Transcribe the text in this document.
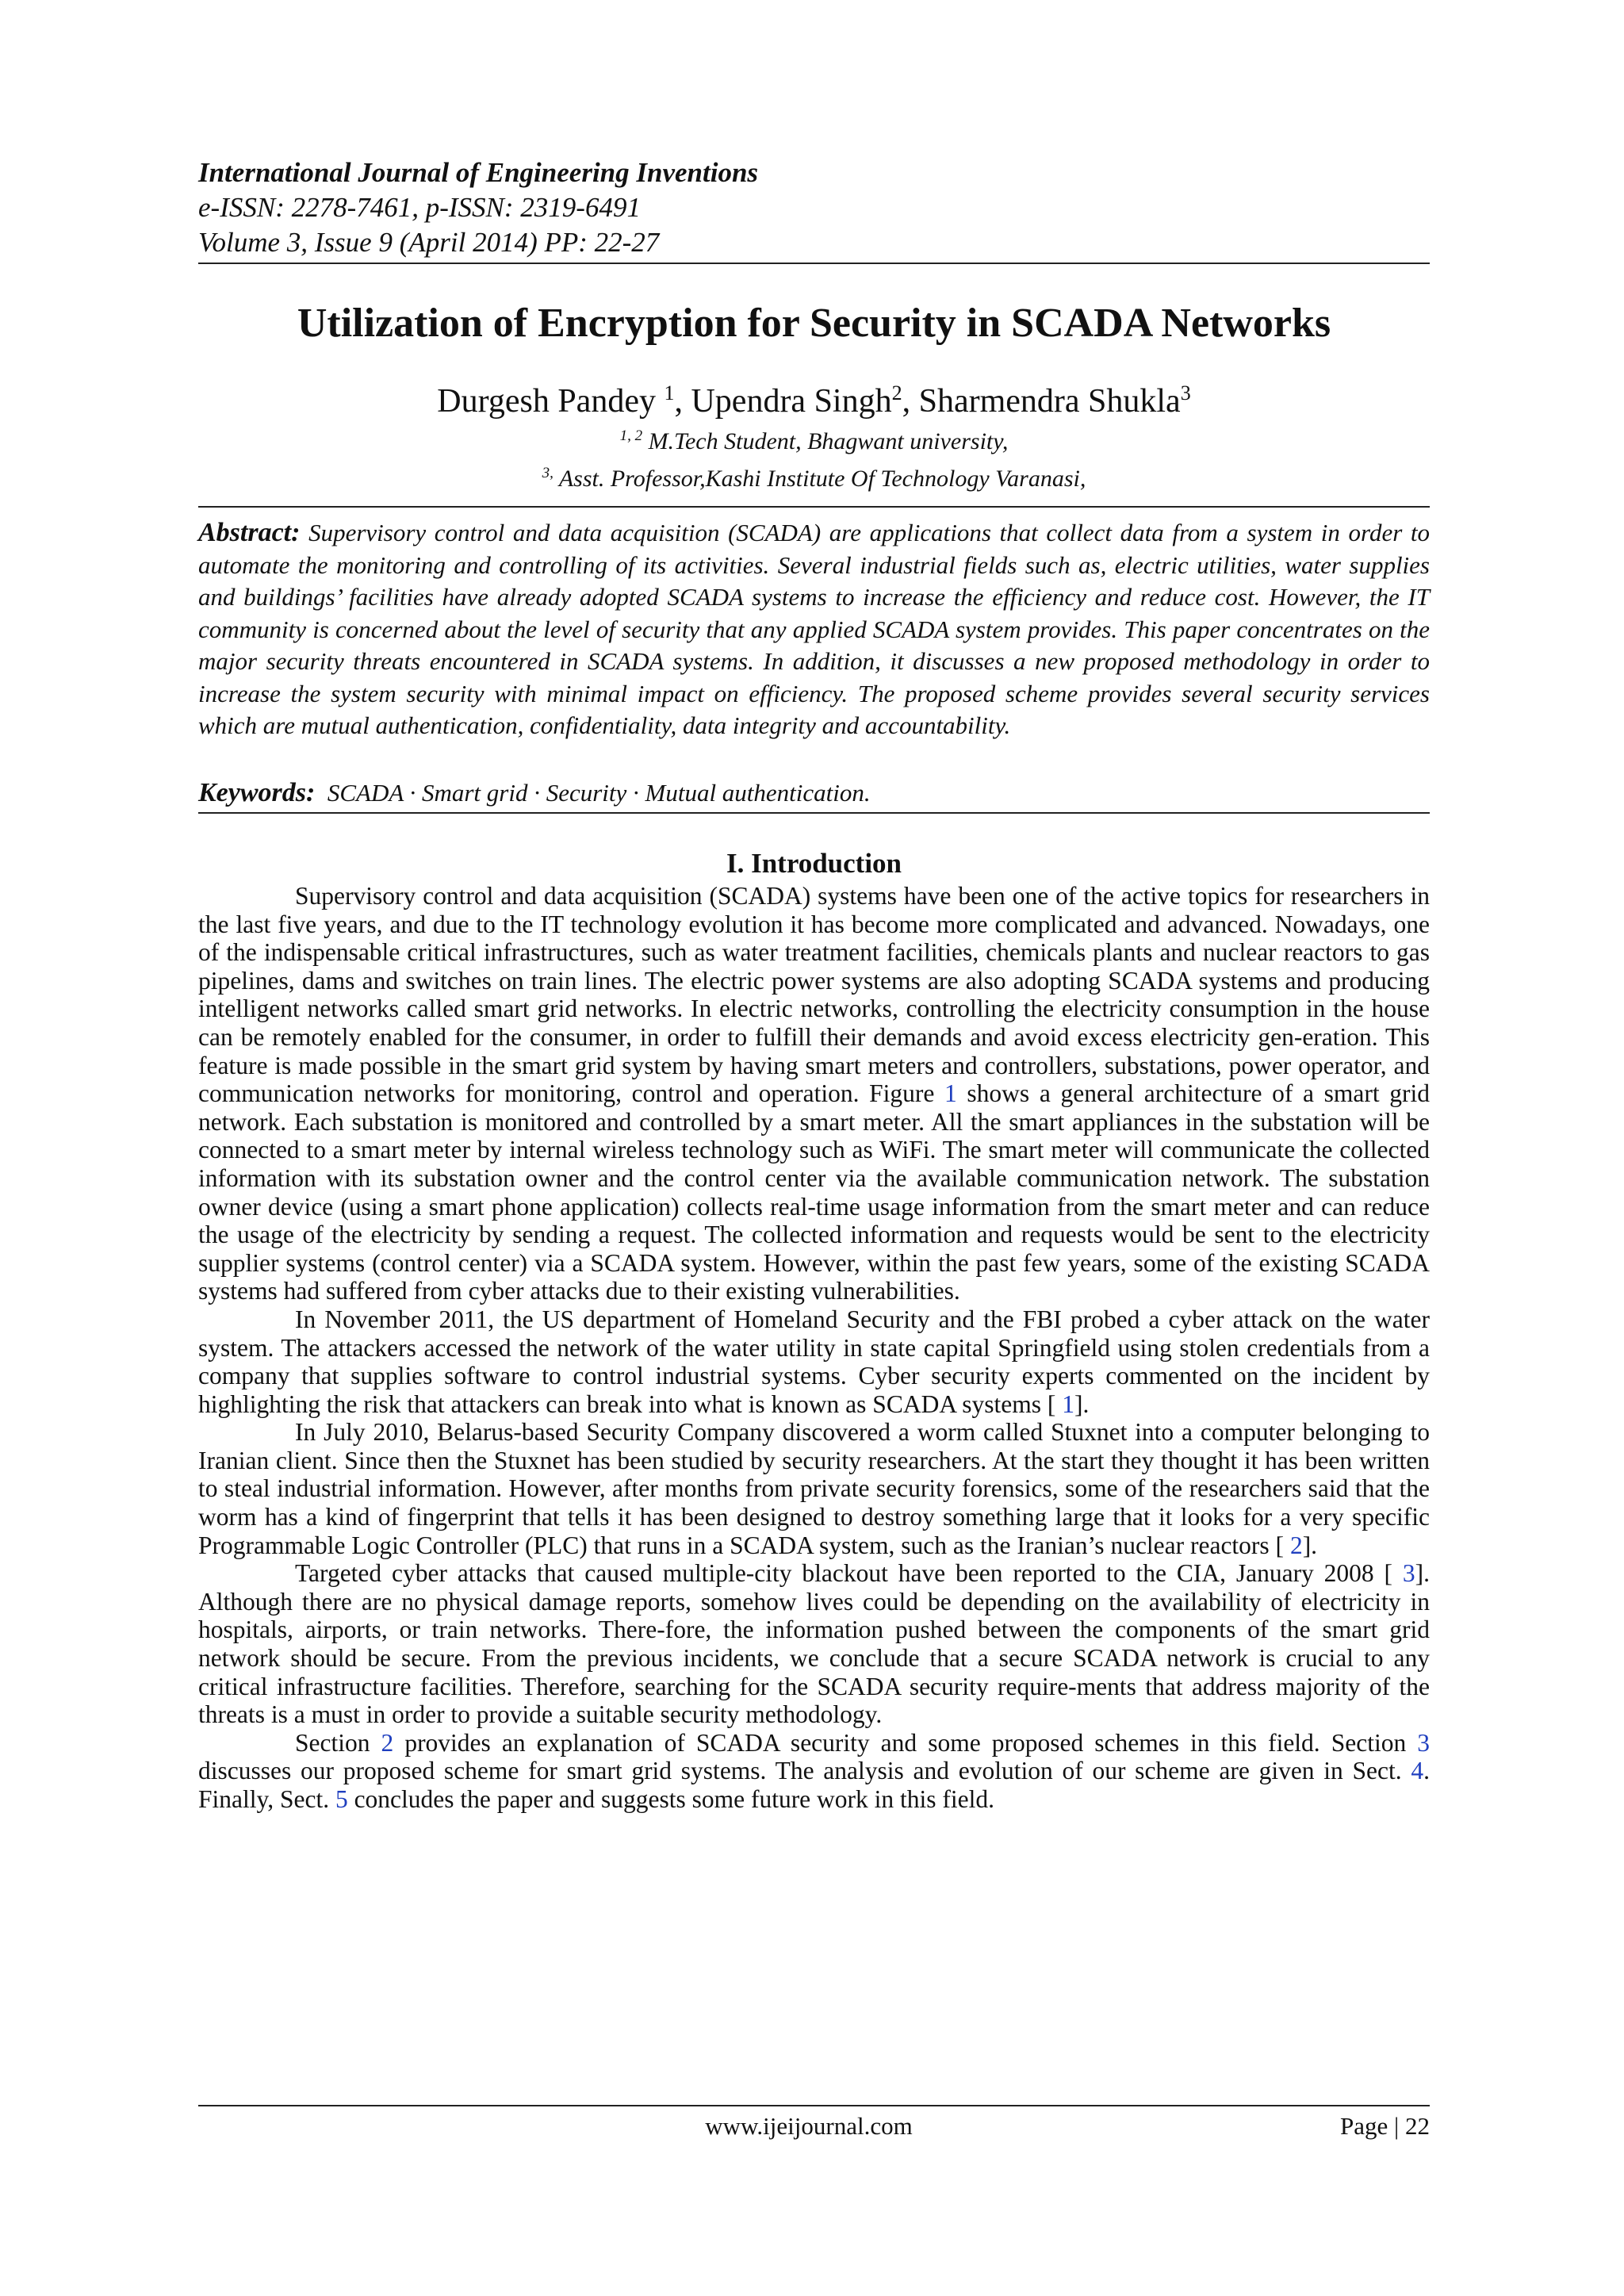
International Journal of Engineering Inventions
e-ISSN: 2278-7461, p-ISSN: 2319-6491
Volume 3, Issue 9 (April 2014) PP: 22-27
Utilization of Encryption for Security in SCADA Networks
Durgesh Pandey $^1$, Upendra Singh$^2$, Sharmendra Shukla$^3$
$^{1, 2}$ M.Tech Student, Bhagwant university,
$^{3,}$ Asst. Professor,Kashi Institute Of Technology Varanasi,
Abstract: Supervisory control and data acquisition (SCADA) are applications that collect data from a system in order to automate the monitoring and controlling of its activities. Several industrial fields such as, electric utilities, water supplies and buildings’ facilities have already adopted SCADA systems to increase the efficiency and reduce cost. However, the IT community is concerned about the level of security that any applied SCADA system provides. This paper concentrates on the major security threats encountered in SCADA systems. In addition, it discusses a new proposed methodology in order to increase the system security with minimal impact on efficiency. The proposed scheme provides several security services which are mutual authentication, confidentiality, data integrity and accountability.
Keywords: SCADA · Smart grid · Security · Mutual authentication.
I. Introduction

Supervisory control and data acquisition (SCADA) systems have been one of the active topics for researchers in the last five years, and due to the IT technology evolution it has become more complicated and advanced. Nowadays, one of the indispensable critical infrastructures, such as water treatment facilities, chemicals plants and nuclear reactors to gas pipelines, dams and switches on train lines. The electric power systems are also adopting SCADA systems and producing intelligent networks called smart grid networks. In electric networks, controlling the electricity consumption in the house can be remotely enabled for the consumer, in order to fulfill their demands and avoid excess electricity gen-eration. This feature is made possible in the smart grid system by having smart meters and controllers, substations, power operator, and communication networks for monitoring, control and operation. Figure 1 shows a general architecture of a smart grid network. Each substation is monitored and controlled by a smart meter. All the smart appliances in the substation will be connected to a smart meter by internal wireless technology such as WiFi. The smart meter will communicate the collected information with its substation owner and the control center via the available communication network. The substation owner device (using a smart phone application) collects real-time usage information from the smart meter and can reduce the usage of the electricity by sending a request. The collected information and requests would be sent to the electricity supplier systems (control center) via a SCADA system. However, within the past few years, some of the existing SCADA systems had suffered from cyber attacks due to their existing vulnerabilities.

In November 2011, the US department of Homeland Security and the FBI probed a cyber attack on the water system. The attackers accessed the network of the water utility in state capital Springfield using stolen credentials from a company that supplies software to control industrial systems. Cyber security experts commented on the incident by highlighting the risk that attackers can break into what is known as SCADA systems [ 1].

In July 2010, Belarus-based Security Company discovered a worm called Stuxnet into a computer belonging to Iranian client. Since then the Stuxnet has been studied by security researchers. At the start they thought it has been written to steal industrial information. However, after months from private security forensics, some of the researchers said that the worm has a kind of fingerprint that tells it has been designed to destroy something large that it looks for a very specific Programmable Logic Controller (PLC) that runs in a SCADA system, such as the Iranian’s nuclear reactors [ 2].

Targeted cyber attacks that caused multiple-city blackout have been reported to the CIA, January 2008 [ 3]. Although there are no physical damage reports, somehow lives could be depending on the availability of electricity in hospitals, airports, or train networks. There-fore, the information pushed between the components of the smart grid network should be secure. From the previous incidents, we conclude that a secure SCADA network is crucial to any critical infrastructure facilities. Therefore, searching for the SCADA security require-ments that address majority of the threats is a must in order to provide a suitable security methodology.

Section 2 provides an explanation of SCADA security and some proposed schemes in this field. Section 3 discusses our proposed scheme for smart grid systems. The analysis and evolution of our scheme are given in Sect. 4. Finally, Sect. 5 concludes the paper and suggests some future work in this field.

www.ijeijournal.com	Page | 22
